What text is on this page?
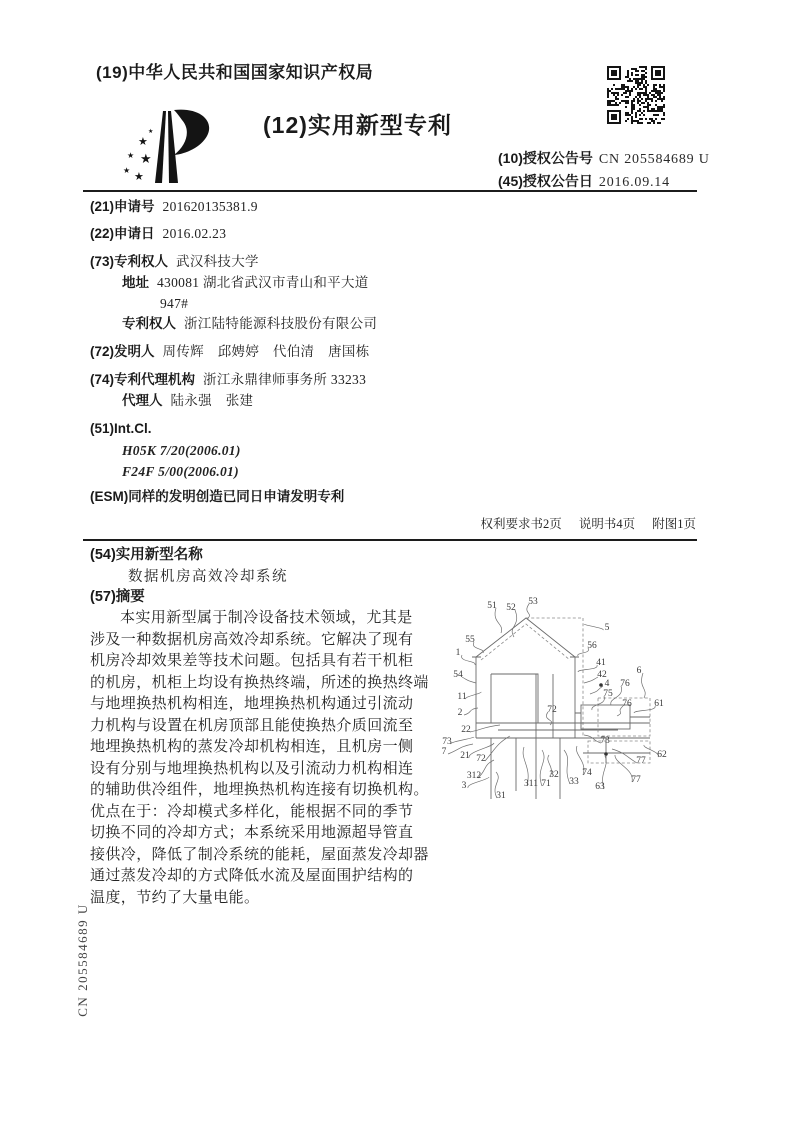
(19)中华人民共和国国家知识产权局
★
★ ★
★
★
★	(12)实用新型专利
(10)授权公告号 CN 205584689 U
(45)授权公告日 2016.09.14
(21)申请号 201620135381.9
(22)申请日 2016.02.23
(73)专利权人 武汉科技大学
地址 430081 湖北省武汉市青山和平大道
947#
专利权人 浙江陆特能源科技股份有限公司
(72)发明人 周传辉　邱娉婷　代伯清　唐国栋
(74)专利代理机构 浙江永鼎律师事务所 33233
代理人 陆永强　张建
(51)Int.Cl.
H05K 7/20(2006.01)
F24F 5/00(2006.01)
(ESM)同样的发明创造已同日申请发明专利
权利要求书2页 说明书4页 附图1页
(54)实用新型名称
数据机房高效冷却系统
(57)摘要
本实用新型属于制冷设备技术领域，尤其是
涉及一种数据机房高效冷却系统。它解决了现有
机房冷却效果差等技术问题。包括具有若干机柜
的机房，机柜上均设有换热终端，所述的换热终端
与地埋换热机构相连，地埋换热机构通过引流动
力机构与设置在机房顶部且能使换热介质回流至
地埋换热机构的蒸发冷却机构相连，且机房一侧
设有分别与地埋换热机构以及引流动力机构相连
的辅助供冷组件，地埋换热机构连接有切换机构。
优点在于：冷却模式多样化，能根据不同的季节
切换不同的冷却方式；本系统采用地源超导管直
接供冷，降低了制冷系统的能耗，屋面蒸发冷却器
通过蒸发冷却的方式降低水流及屋面围护结构的
温度，节约了大量电能。
51 52
53
5
55
56
1
41
42
54
4 76
6
75
76 61
11
2	72
22
73
7 21 72
73
62
77
312
3	311 71
32
33
74
63
77
31
CN 205584689 U
